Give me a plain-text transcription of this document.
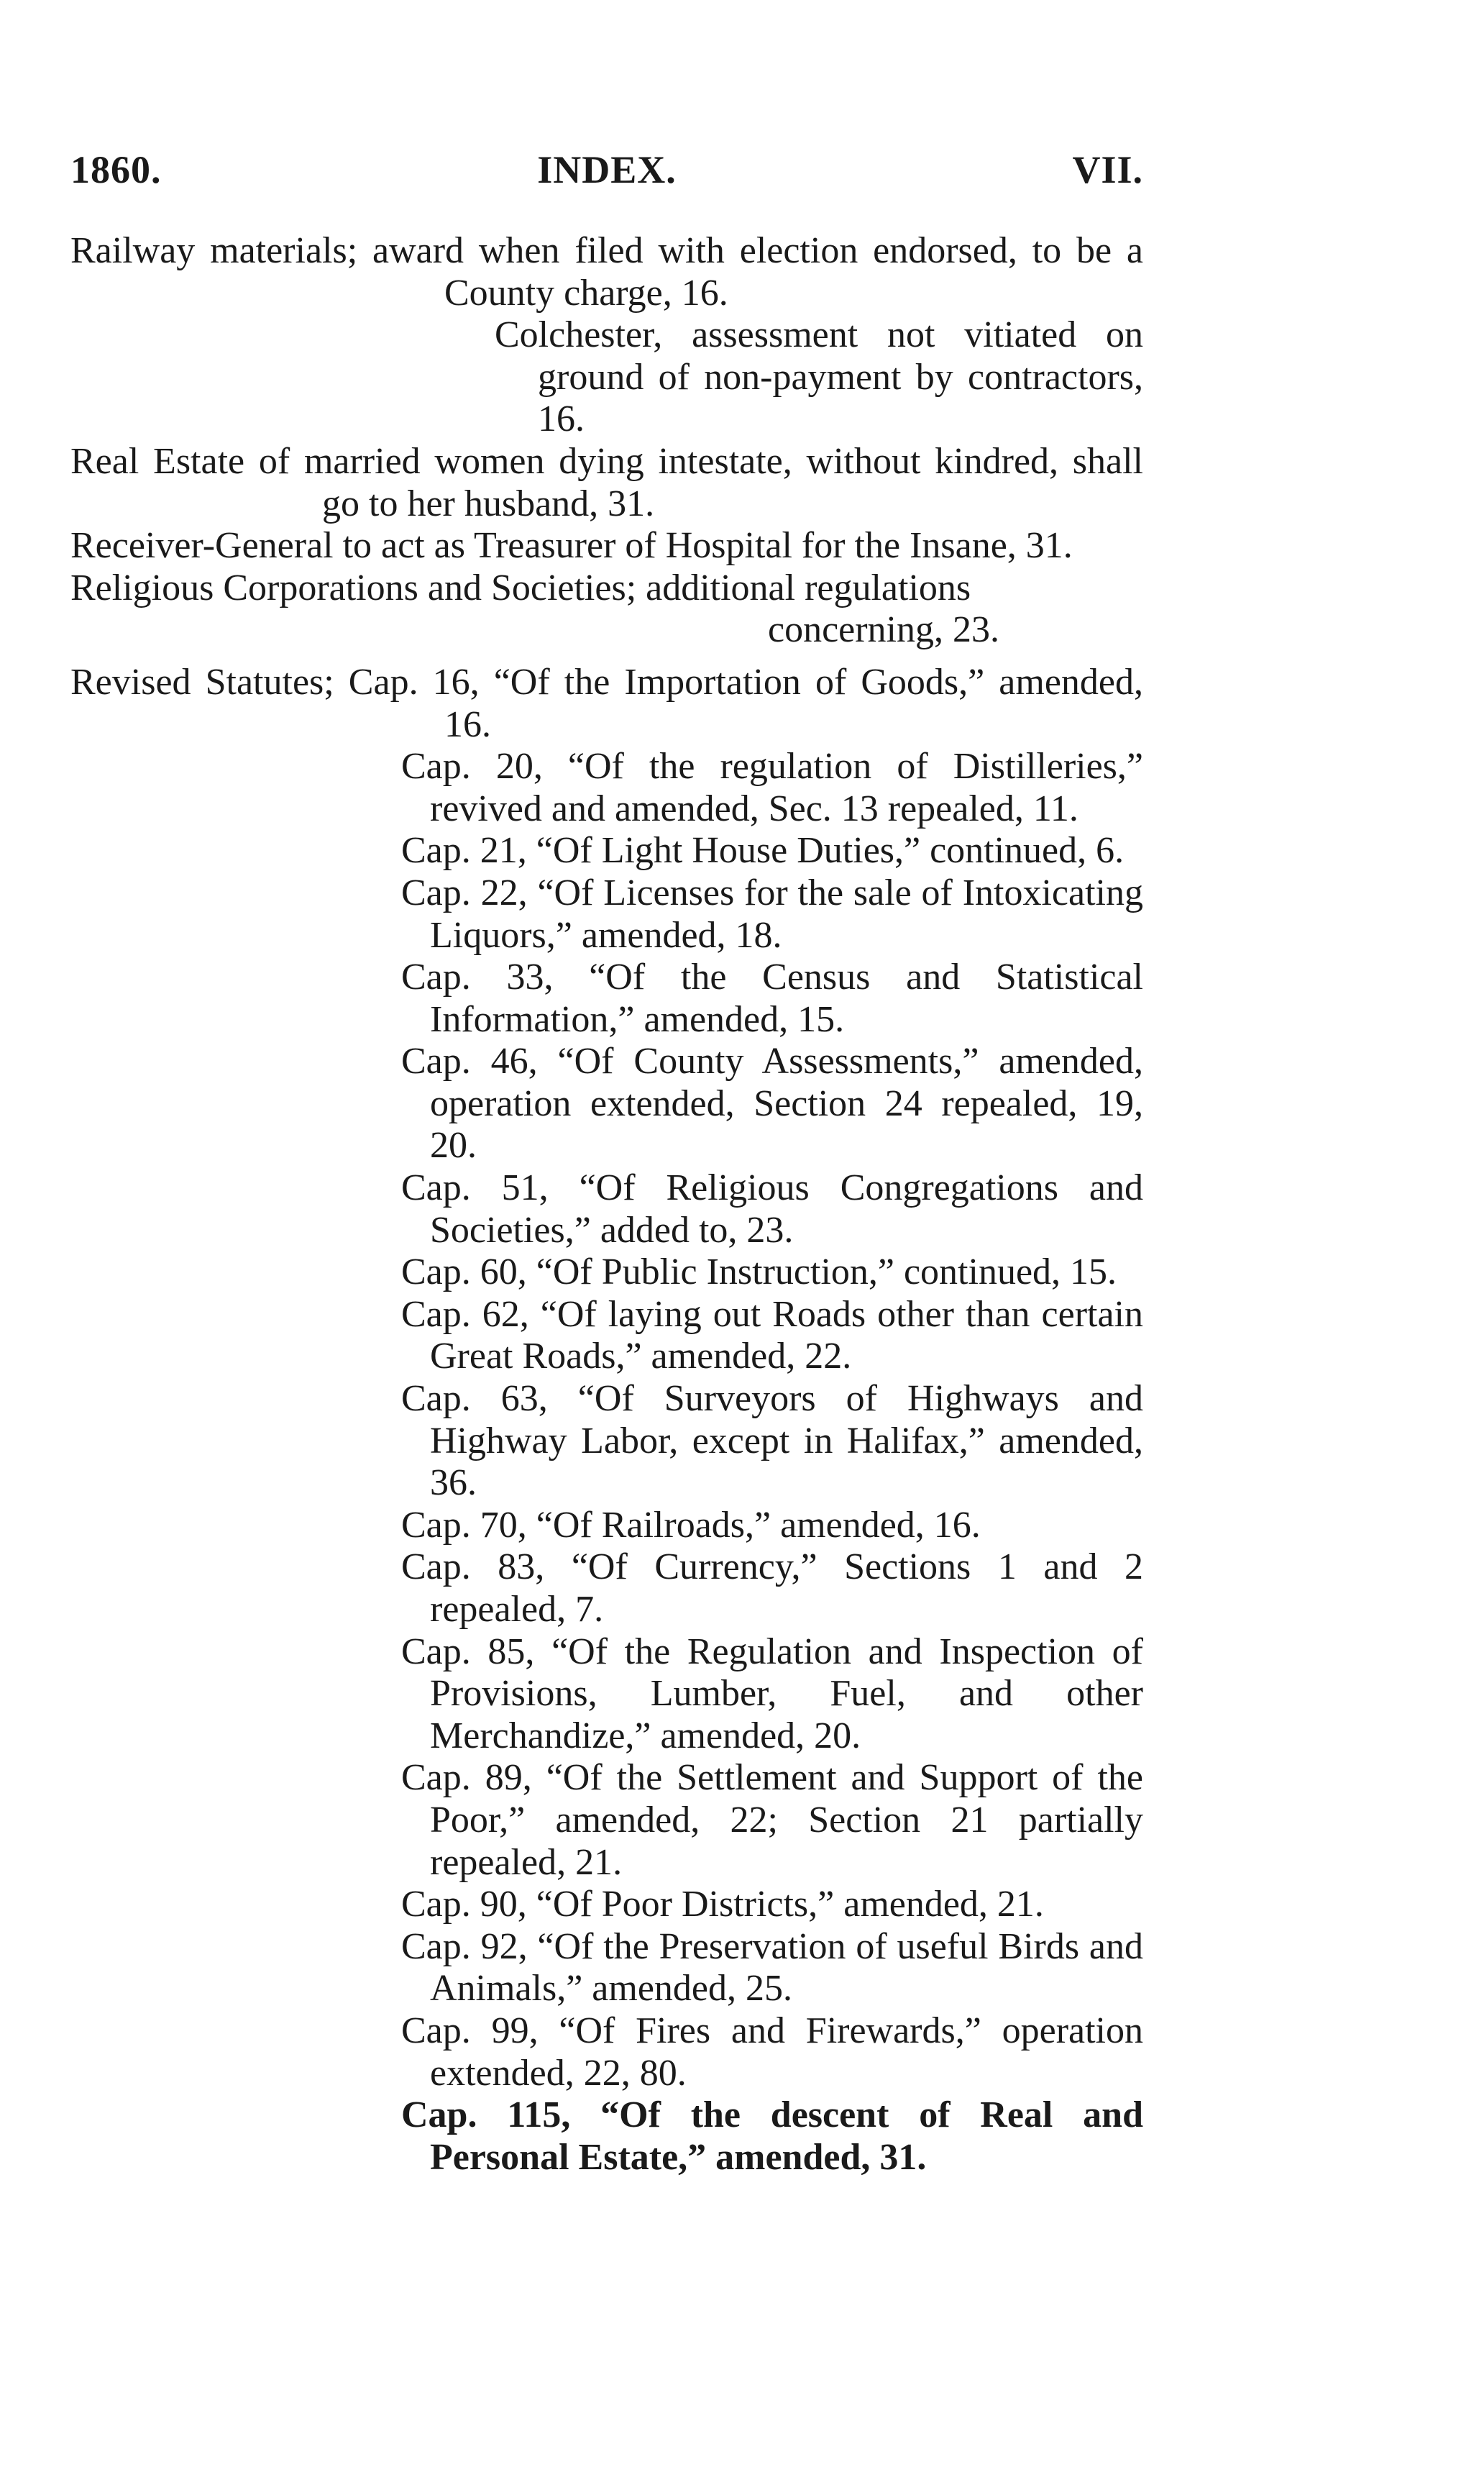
1860.	INDEX.	VII.

Railway materials; award when filed with election endorsed, to be a County charge, 16.

Colchester, assessment not vitiated on ground of non-payment by contractors, 16.

Real Estate of married women dying intestate, without kindred, shall go to her husband, 31.

Receiver-General to act as Treasurer of Hospital for the Insane, 31.

Religious Corporations and Societies; additional regulations

concerning, 23.

Revised Statutes; Cap. 16, “Of the Importation of Goods,” amended, 16.

Cap. 20, “Of the regulation of Distilleries,” revived and amended, Sec. 13 repealed, 11.

Cap. 21, “Of Light House Duties,” continued, 6.

Cap. 22, “Of Licenses for the sale of Intoxicating Liquors,” amended, 18.

Cap. 33, “Of the Census and Statistical Information,” amended, 15.

Cap. 46, “Of County Assessments,” amended, operation extended, Section 24 repealed, 19, 20.

Cap. 51, “Of Religious Congregations and Societies,” added to, 23.

Cap. 60, “Of Public Instruction,” continued, 15.

Cap. 62, “Of laying out Roads other than certain Great Roads,” amended, 22.

Cap. 63, “Of Surveyors of Highways and Highway Labor, except in Halifax,” amended, 36.

Cap. 70, “Of Railroads,” amended, 16.

Cap. 83, “Of Currency,” Sections 1 and 2 repealed, 7.

Cap. 85, “Of the Regulation and Inspection of Provisions, Lumber, Fuel, and other Merchandize,” amended, 20.

Cap. 89, “Of the Settlement and Support of the Poor,” amended, 22; Section 21 partially repealed, 21.

Cap. 90, “Of Poor Districts,” amended, 21.

Cap. 92, “Of the Preservation of useful Birds and Animals,” amended, 25.

Cap. 99, “Of Fires and Firewards,” operation extended, 22, 80.

Cap. 115, “Of the descent of Real and Personal Estate,” amended, 31.
